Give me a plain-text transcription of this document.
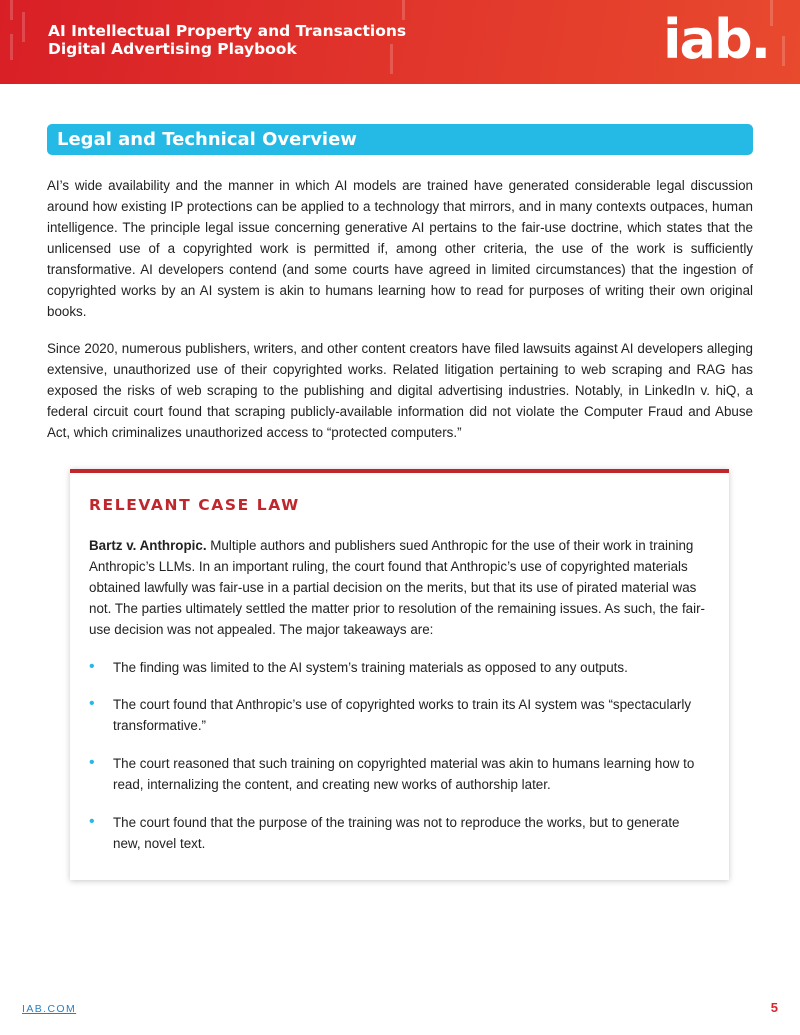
AI Intellectual Property and Transactions
Digital Advertising Playbook	iab.
Legal and Technical Overview

AI’s wide availability and the manner in which AI models are trained have generated considerable legal discussion around how existing IP protections can be applied to a technology that mirrors, and in many contexts outpaces, human intelligence. The principle legal issue concerning generative AI pertains to the fair-use doctrine, which states that the unlicensed use of a copyrighted work is permitted if, among other criteria, the use of the work is sufficiently transformative. AI developers contend (and some courts have agreed in limited circumstances) that the ingestion of copyrighted works by an AI system is akin to humans learning how to read for purposes of writing their own original books.

Since 2020, numerous publishers, writers, and other content creators have filed lawsuits against AI developers alleging extensive, unauthorized use of their copyrighted works. Related litigation pertaining to web scraping and RAG has exposed the risks of web scraping to the publishing and digital advertising industries. Notably, in LinkedIn v. hiQ, a federal circuit court found that scraping publicly-available information did not violate the Computer Fraud and Abuse Act, which criminalizes unauthorized access to “protected computers.”

RELEVANT CASE LAW

Bartz v. Anthropic. Multiple authors and publishers sued Anthropic for the use of their work in training Anthropic’s LLMs. In an important ruling, the court found that Anthropic’s use of copyrighted materials obtained lawfully was fair-use in a partial decision on the merits, but that its use of pirated material was not. The parties ultimately settled the matter prior to resolution of the remaining issues. As such, the fair-use decision was not appealed. The major takeaways are:

• The finding was limited to the AI system’s training materials as opposed to any outputs.
• The court found that Anthropic’s use of copyrighted works to train its AI system was “spectacularly transformative.”
• The court reasoned that such training on copyrighted material was akin to humans learning how to read, internalizing the content, and creating new works of authorship later.
• The court found that the purpose of the training was not to reproduce the works, but to generate new, novel text.
IAB.COM	5
